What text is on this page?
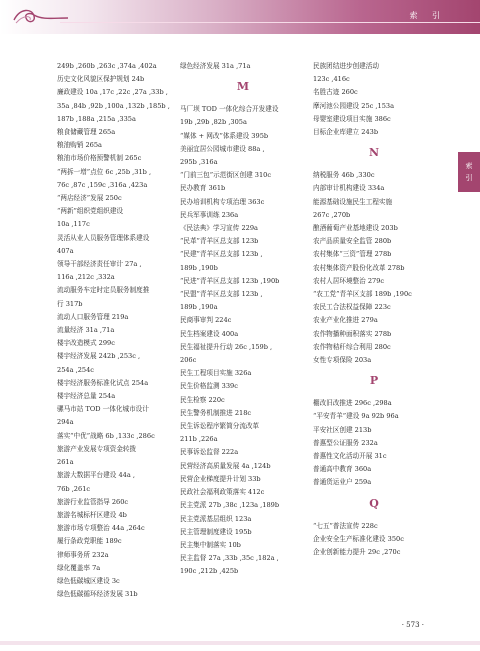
索 引
索
引
249b ,260b ,263c ,374a ,402a
历史文化风貌区保护规划 24b
廉政建设 10a ,17c ,22c ,27a ,33b ,
35a ,84b ,92b ,100a ,132b ,185b ,
187b ,188a ,215a ,335a
粮食储藏管理 265a
粮油购销 265a
粮油市场价格预警机制 265c
“两拆一增”点位 6c ,25b ,31b ,
76c ,87c ,159c ,316a ,423a
“两店经济”发展 250c
“两新”组织党组织建设
10a ,117c
灵活从业人员服务管理体系建设
407a
领导干部经济责任审计 27a ,
116a ,212c ,332a
流动服务车定时定员服务制度推
行 317b
流动人口服务管理 219a
流量经济 31a ,71a
楼宇改造模式 299c
楼宇经济发展 242b ,253c ,
254a ,254c
楼宇经济服务标准化试点 254a
楼宇经济总量 254a
骡马市站 TOD 一体化城市设计
294a
落实“中优”战略 6b ,133c ,286c
旅游产业发展专项资金转拨
261a
旅游大数据平台建设 44a ,
76b ,261c
旅游行业监管指导 260c
旅游名城标杆区建设 4b
旅游市场专项整治 44a ,264c
履行条政党职能 189c
律师事务所 232a
绿化覆盖率 7a
绿色低碳城区建设 3c
绿色低碳循环经济发展 31b
绿色经济发展 31a ,71a
M
马厂坝 TOD 一体化综合开发建设
19b ,29b ,82b ,305a
“媒体 + 网改”体系建设 395b
美丽宜居公园城市建设 88a ,
295b ,316a
“门前三包”示范街区创建 310c
民办教育 361b
民办培训机构专项治理 363c
民兵军事训练 236a
《民法典》学习宣传 229a
“民革”青羊区总支部 123b
“民建”青羊区总支部 123b ,
189b ,190b
“民进”青羊区总支部 123b ,190b
“民盟”青羊区总支部 123b ,
189b ,190a
民商事审判 224c
民生档案建设 400a
民生福祉提升行动 26c ,159b ,
206c
民生工程项目实施 326a
民生价格监测 339c
民生检察 220c
民生警务机制推进 218c
民生诉讼程序繁简分流改革
211b ,226a
民事诉讼监督 222a
民营经济高质量发展 4a ,124b
民营企业梯度提升计划 33b
民政社会福利政策落实 412c
民主党派 27b ,38c ,123a ,189b
民主党派基层组织 123a
民主管理制度建设 195b
民主集中制落实 10b
民主监督 27a ,33b ,35c ,182a ,
190c ,212b ,425b
民族团结进步创建活动
123c ,416c
名胜古迹 260c
摩河池公园建设 25c ,153a
母婴室建设项目实施 386c
目标企业库建立 243b
N
纳税服务 46b ,330c
内部审计机构建设 334a
能源基础设施民生工程实施
267c ,270b
酿酒葡萄产业基地建设 203b
农产品质量安全监管 280b
农村集体“三资”管理 278b
农村集体资产股份化改革 278b
农村人居环境整治 279c
“农工党”青羊区支部 189b ,190c
农民工合法权益保障 223c
农业产业化推进 279a
农作物播种面积落实 278b
农作物秸秆综合利用 280c
女性专项保险 203a
P
棚改旧改推进 296c ,298a
“平安青羊”建设 9a 92b 96a
平安社区创建 213b
普惠型公证服务 232a
普惠性文化活动开展 31c
普通高中教育 360a
普通货运业户 259a
Q
“七五”普法宣传 228c
企业安全生产标准化建设 350c
企业创新能力提升 29c ,270c
· 573 ·
